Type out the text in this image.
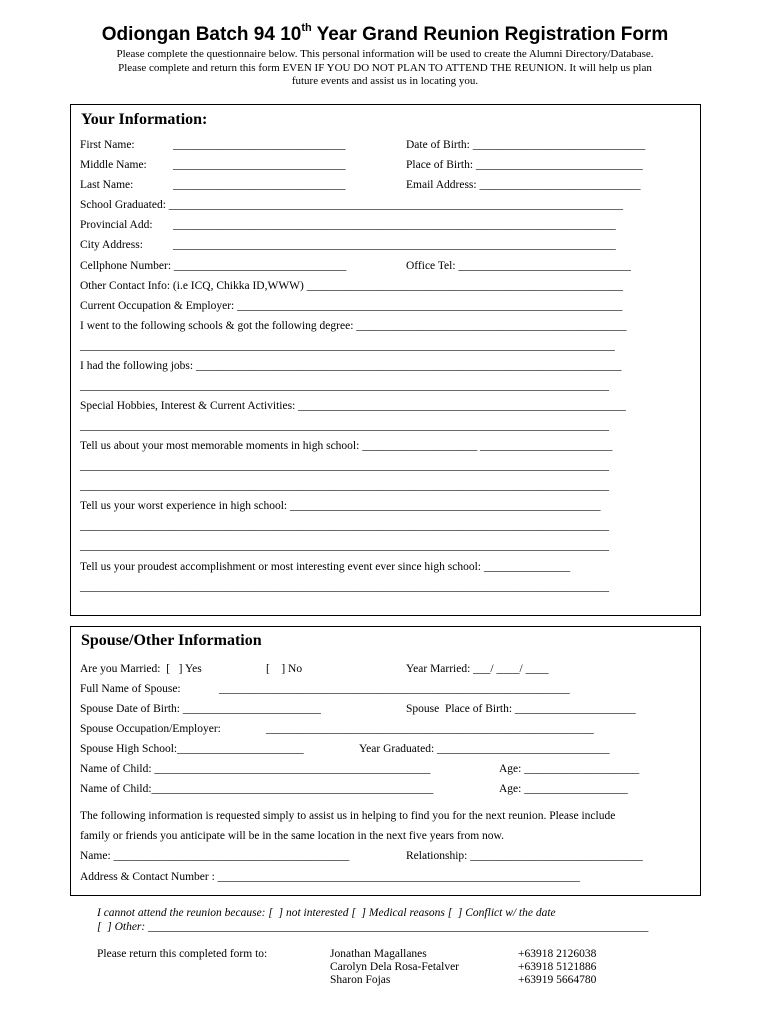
Odiongan Batch 94 10th Year Grand Reunion Registration Form
Please complete the questionnaire below. This personal information will be used to create the Alumni Directory/Database.
Please complete and return this form EVEN IF YOU DO NOT PLAN TO ATTEND THE REUNION. It will help us plan
future events and assist us in locating you.
Your Information:
First Name:	______________________________	Date of Birth: ______________________________
Middle Name: ______________________________	Place of Birth: _____________________________
Last Name:	______________________________	Email Address: ____________________________
School Graduated: _______________________________________________________________________________
Provincial Add: _____________________________________________________________________________
City Address:	_____________________________________________________________________________
Cellphone Number: ______________________________	Office Tel: ______________________________
Other Contact Info: (i.e ICQ, Chikka ID,WWW) _______________________________________________________
Current Occupation & Employer: ___________________________________________________________________
I went to the following schools & got the following degree: _______________________________________________
_____________________________________________________________________________________________
I had the following jobs: __________________________________________________________________________
____________________________________________________________________________________________
Special Hobbies, Interest & Current Activities: _________________________________________________________
____________________________________________________________________________________________
Tell us about your most memorable moments in high school: ____________________ _______________________
____________________________________________________________________________________________
____________________________________________________________________________________________
Tell us your worst experience in high school: ______________________________________________________
____________________________________________________________________________________________
____________________________________________________________________________________________
Tell us your proudest accomplishment or most interesting event ever since high school: _______________
____________________________________________________________________________________________
Spouse/Other Information
Are you Married:  [   ] Yes	[    ] No	Year Married: ___/ ____/ ____
Full Name of Spouse:	_____________________________________________________________
Spouse Date of Birth: ________________________	Spouse  Place of Birth: _____________________
Spouse Occupation/Employer:	_________________________________________________________
Spouse High School:______________________	Year Graduated: ______________________________
Name of Child: ________________________________________________	Age: ____________________
Name of Child:_________________________________________________	Age: __________________
The following information is requested simply to assist us in helping to find you for the next reunion. Please include
family or friends you anticipate will be in the same location in the next five years from now.
Name: _________________________________________	Relationship: ______________________________
Address & Contact Number : _______________________________________________________________
I cannot attend the reunion because: [  ] not interested [  ] Medical reasons [  ] Conflict w/ the date
[  ] Other: _______________________________________________________________________________________
Please return this completed form to:	Jonathan Magallanes	+63918 2126038
Carolyn Dela Rosa-Fetalver	+63918 5121886
Sharon Fojas	+63919 5664780
